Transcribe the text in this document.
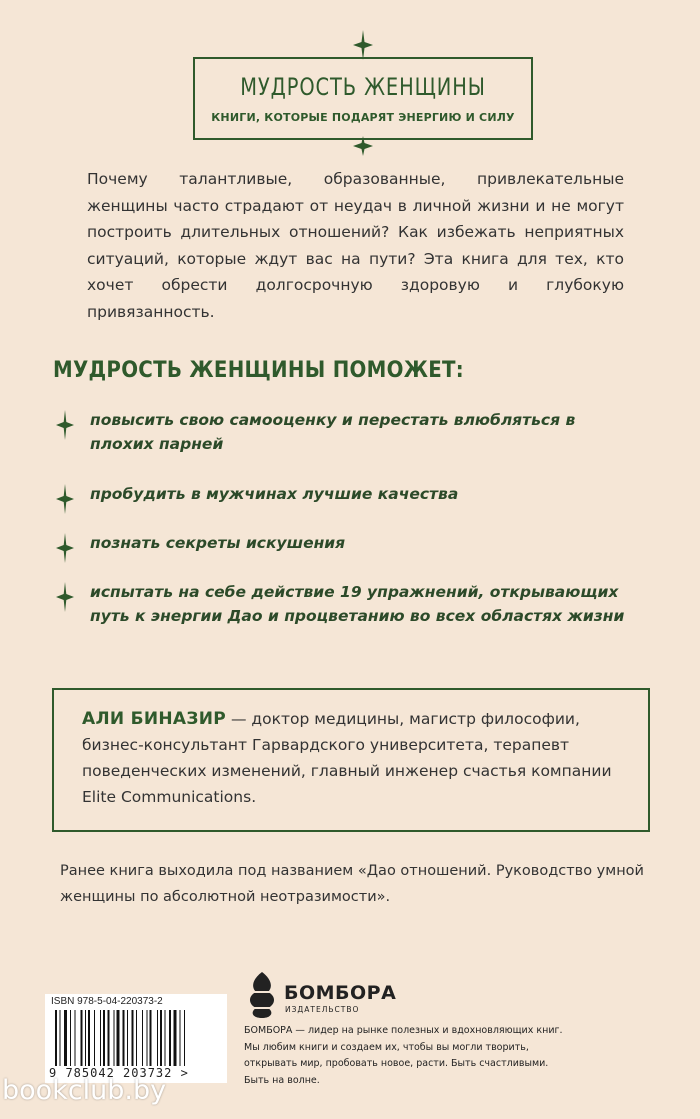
МУДРОСТЬ ЖЕНЩИНЫ
КНИГИ, КОТОРЫЕ ПОДАРЯТ ЭНЕРГИЮ И СИЛУ
Почему талантливые, образованные, привлекательные женщины часто страдают от неудач в личной жизни и не могут построить длительных отношений? Как избежать неприятных ситуаций, которые ждут вас на пути? Эта книга для тех, кто хочет обрести долгосрочную здоровую и глубокую привязанность.
МУДРОСТЬ ЖЕНЩИНЫ ПОМОЖЕТ:
повысить свою самооценку и перестать влюбляться в плохих парней
пробудить в мужчинах лучшие качества
познать секреты искушения
испытать на себе действие 19 упражнений, открывающих путь к энергии Дао и процветанию во всех областях жизни
АЛИ БИНАЗИР — доктор медицины, магистр философии, бизнес-консультант Гарвардского университета, терапевт поведенческих изменений, главный инженер счастья компании Elite Communications.
Ранее книга выходила под названием «Дао отношений. Руководство умной женщины по абсолютной неотразимости».
ISBN 978-5-04-220373-2
9 785042 203732 >
БОМБОРА
ИЗДАТЕЛЬСТВО
БОМБОРА — лидер на рынке полезных и вдохновляющих книг. Мы любим книги и создаем их, чтобы вы могли творить, открывать мир, пробовать новое, расти. Быть счастливыми. Быть на волне.
bookclub.by
